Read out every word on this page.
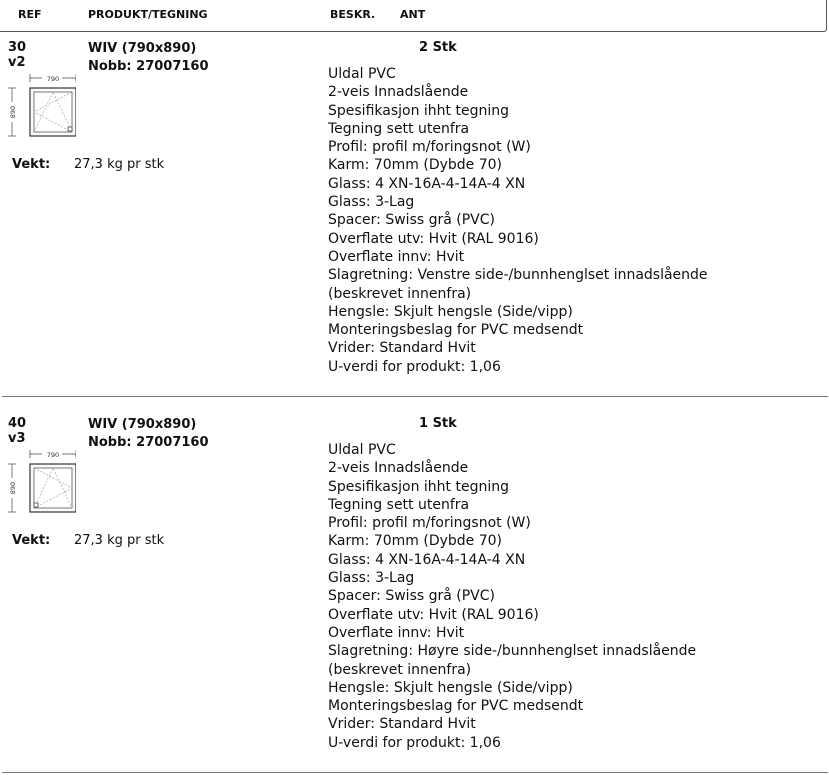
REF	PRODUKT/TEGNING	BESKR. ANT
30
v2
WIV (790x890)
Nobb: 27007160
2 Stk
790
890
Vekt: 27,3 kg pr stk
Uldal PVC
2-veis Innadslående
Spesifikasjon ihht tegning
Tegning sett utenfra
Profil: profil m/foringsnot (W)
Karm: 70mm (Dybde 70)
Glass: 4 XN-16A-4-14A-4 XN
Glass: 3-Lag
Spacer: Swiss grå (PVC)
Overflate utv: Hvit (RAL 9016)
Overflate innv: Hvit
Slagretning: Venstre side-/bunnhenglset innadslående
(beskrevet innenfra)
Hengsle: Skjult hengsle (Side/vipp)
Monteringsbeslag for PVC medsendt
Vrider: Standard Hvit
U-verdi for produkt: 1,06
40
v3
WIV (790x890)
Nobb: 27007160
1 Stk
790
890
Vekt: 27,3 kg pr stk
Uldal PVC
2-veis Innadslående
Spesifikasjon ihht tegning
Tegning sett utenfra
Profil: profil m/foringsnot (W)
Karm: 70mm (Dybde 70)
Glass: 4 XN-16A-4-14A-4 XN
Glass: 3-Lag
Spacer: Swiss grå (PVC)
Overflate utv: Hvit (RAL 9016)
Overflate innv: Hvit
Slagretning: Høyre side-/bunnhenglset innadslående
(beskrevet innenfra)
Hengsle: Skjult hengsle (Side/vipp)
Monteringsbeslag for PVC medsendt
Vrider: Standard Hvit
U-verdi for produkt: 1,06
